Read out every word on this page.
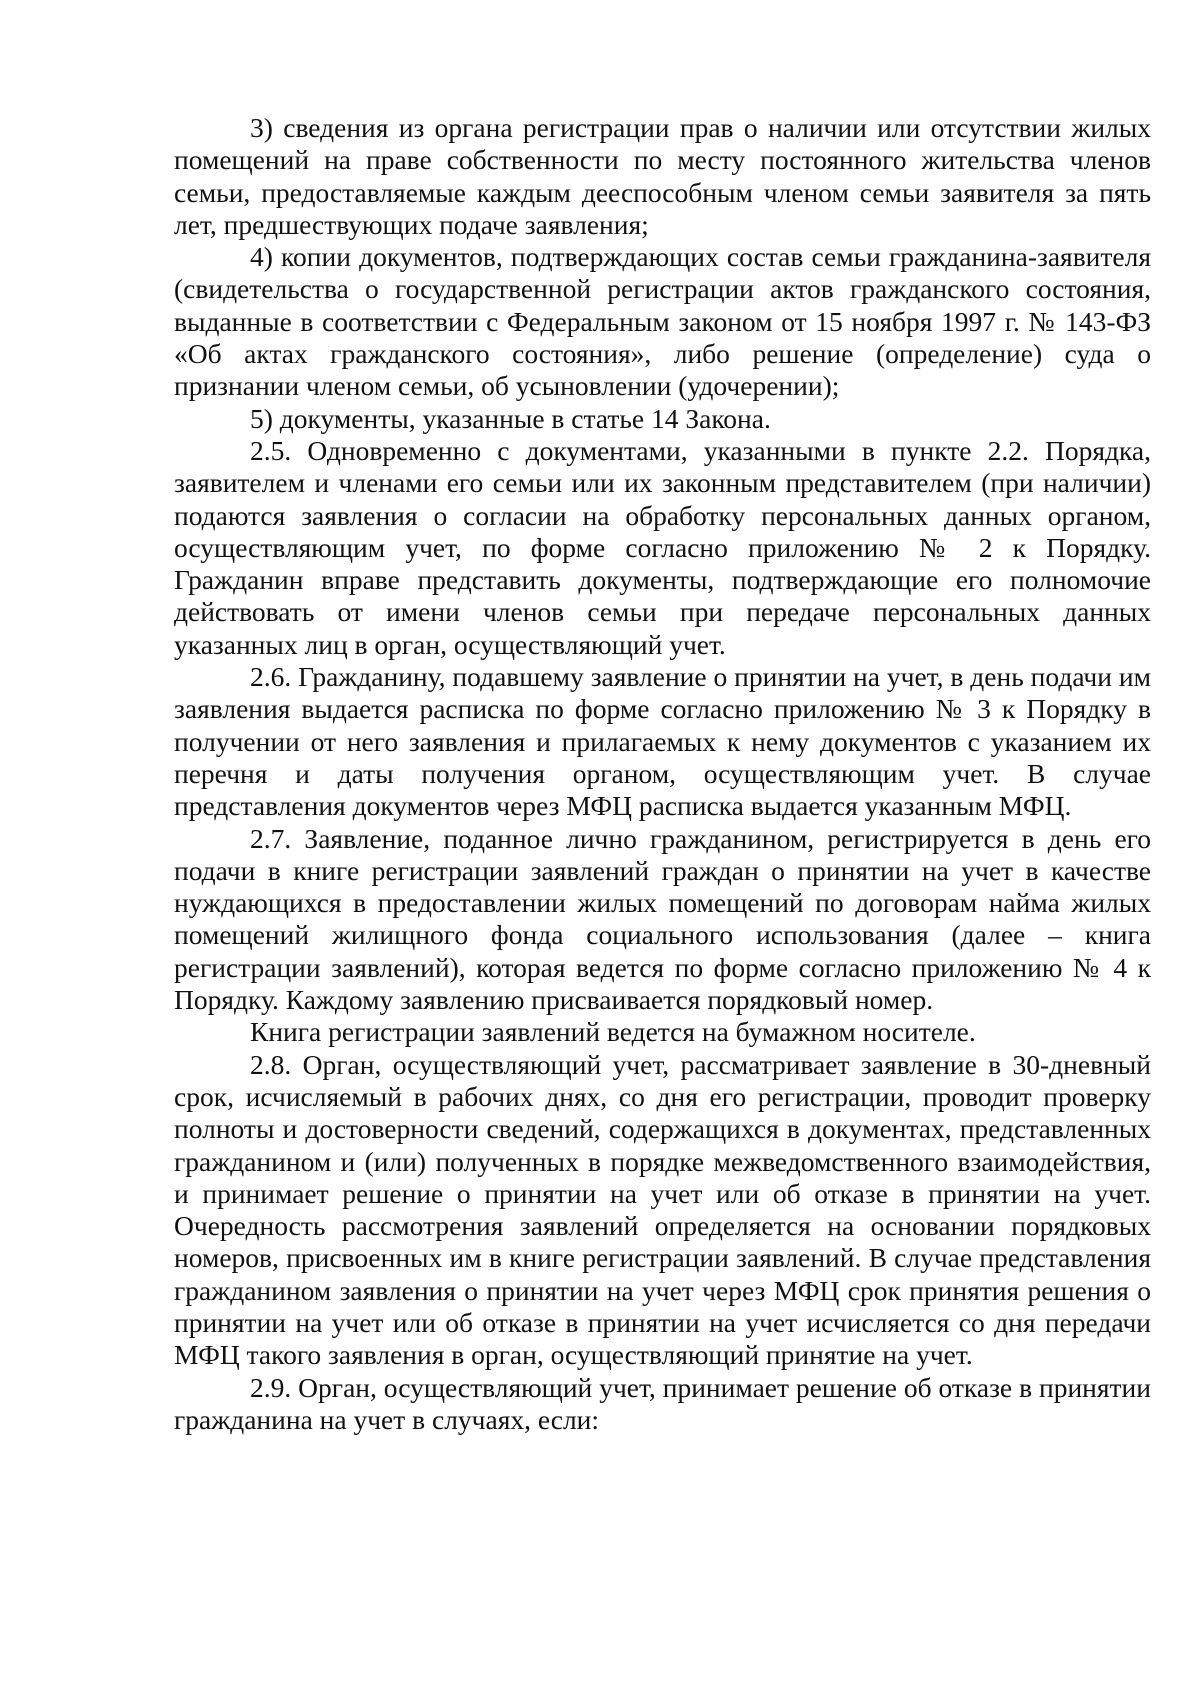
3) сведения из органа регистрации прав о наличии или отсутствии жилых помещений на праве собственности по месту постоянного жительства членов семьи, предоставляемые каждым дееспособным членом семьи заявителя за пять лет, предшествующих подаче заявления;

4) копии документов, подтверждающих состав семьи гражданина-заявителя (свидетельства о государственной регистрации актов гражданского состояния, выданные в соответствии с Федеральным законом от 15 ноября 1997 г. № 143-ФЗ «Об актах гражданского состояния», либо решение (определение) суда о признании членом семьи, об усыновлении (удочерении);

5) документы, указанные в статье 14 Закона.

2.5. Одновременно с документами, указанными в пункте 2.2. Порядка, заявителем и членами его семьи или их законным представителем (при наличии) подаются заявления о согласии на обработку персональных данных органом, осуществляющим учет, по форме согласно приложению № 2 к Порядку. Гражданин вправе представить документы, подтверждающие его полномочие действовать от имени членов семьи при передаче персональных данных указанных лиц в орган, осуществляющий учет.

2.6. Гражданину, подавшему заявление о принятии на учет, в день подачи им заявления выдается расписка по форме согласно приложению № 3 к Порядку в получении от него заявления и прилагаемых к нему документов с указанием их перечня и даты получения органом, осуществляющим учет. В случае представления документов через МФЦ расписка выдается указанным МФЦ.

2.7. Заявление, поданное лично гражданином, регистрируется в день его подачи в книге регистрации заявлений граждан о принятии на учет в качестве нуждающихся в предоставлении жилых помещений по договорам найма жилых помещений жилищного фонда социального использования (далее – книга регистрации заявлений), которая ведется по форме согласно приложению № 4 к Порядку. Каждому заявлению присваивается порядковый номер.

Книга регистрации заявлений ведется на бумажном носителе.

2.8. Орган, осуществляющий учет, рассматривает заявление в 30-дневный срок, исчисляемый в рабочих днях, со дня его регистрации, проводит проверку полноты и достоверности сведений, содержащихся в документах, представленных гражданином и (или) полученных в порядке межведомственного взаимодействия, и принимает решение о принятии на учет или об отказе в принятии на учет. Очередность рассмотрения заявлений определяется на основании порядковых номеров, присвоенных им в книге регистрации заявлений. В случае представления гражданином заявления о принятии на учет через МФЦ срок принятия решения о принятии на учет или об отказе в принятии на учет исчисляется со дня передачи МФЦ такого заявления в орган, осуществляющий принятие на учет.

2.9. Орган, осуществляющий учет, принимает решение об отказе в принятии гражданина на учет в случаях, если:
